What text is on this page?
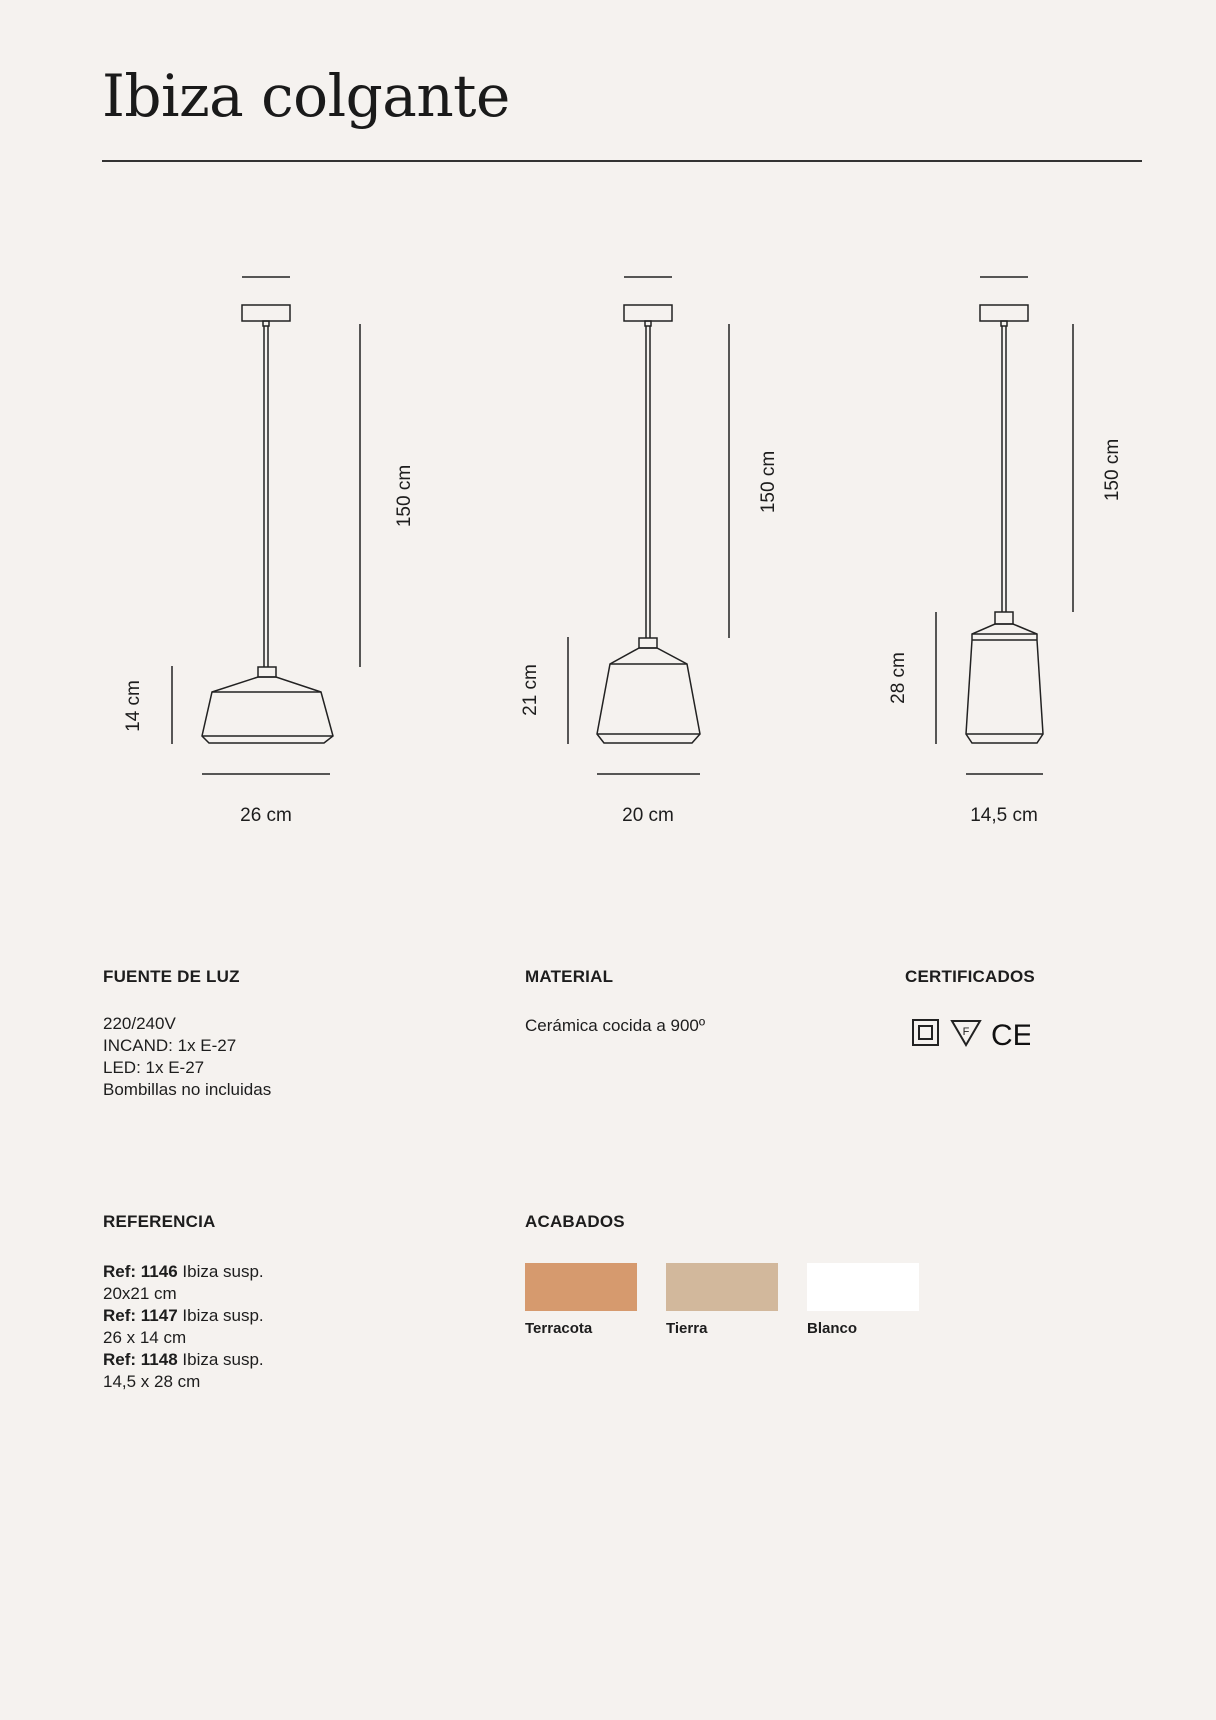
Ibiza colgante
150 cm
14 cm
150 cm
21 cm
150 cm
28 cm
26 cm	20 cm	14,5 cm
FUENTE DE LUZ
220/240V
INCAND: 1x E-27
LED: 1x E-27
Bombillas no incluidas
MATERIAL
Cerámica cocida a 900º
CERTIFICADOS
F CE
REFERENCIA
Ref: 1146 Ibiza susp.
20x21 cm
Ref: 1147 Ibiza susp.
26 x 14 cm
Ref: 1148 Ibiza susp.
14,5 x 28 cm
ACABADOS
Terracota	Tierra	Blanco
